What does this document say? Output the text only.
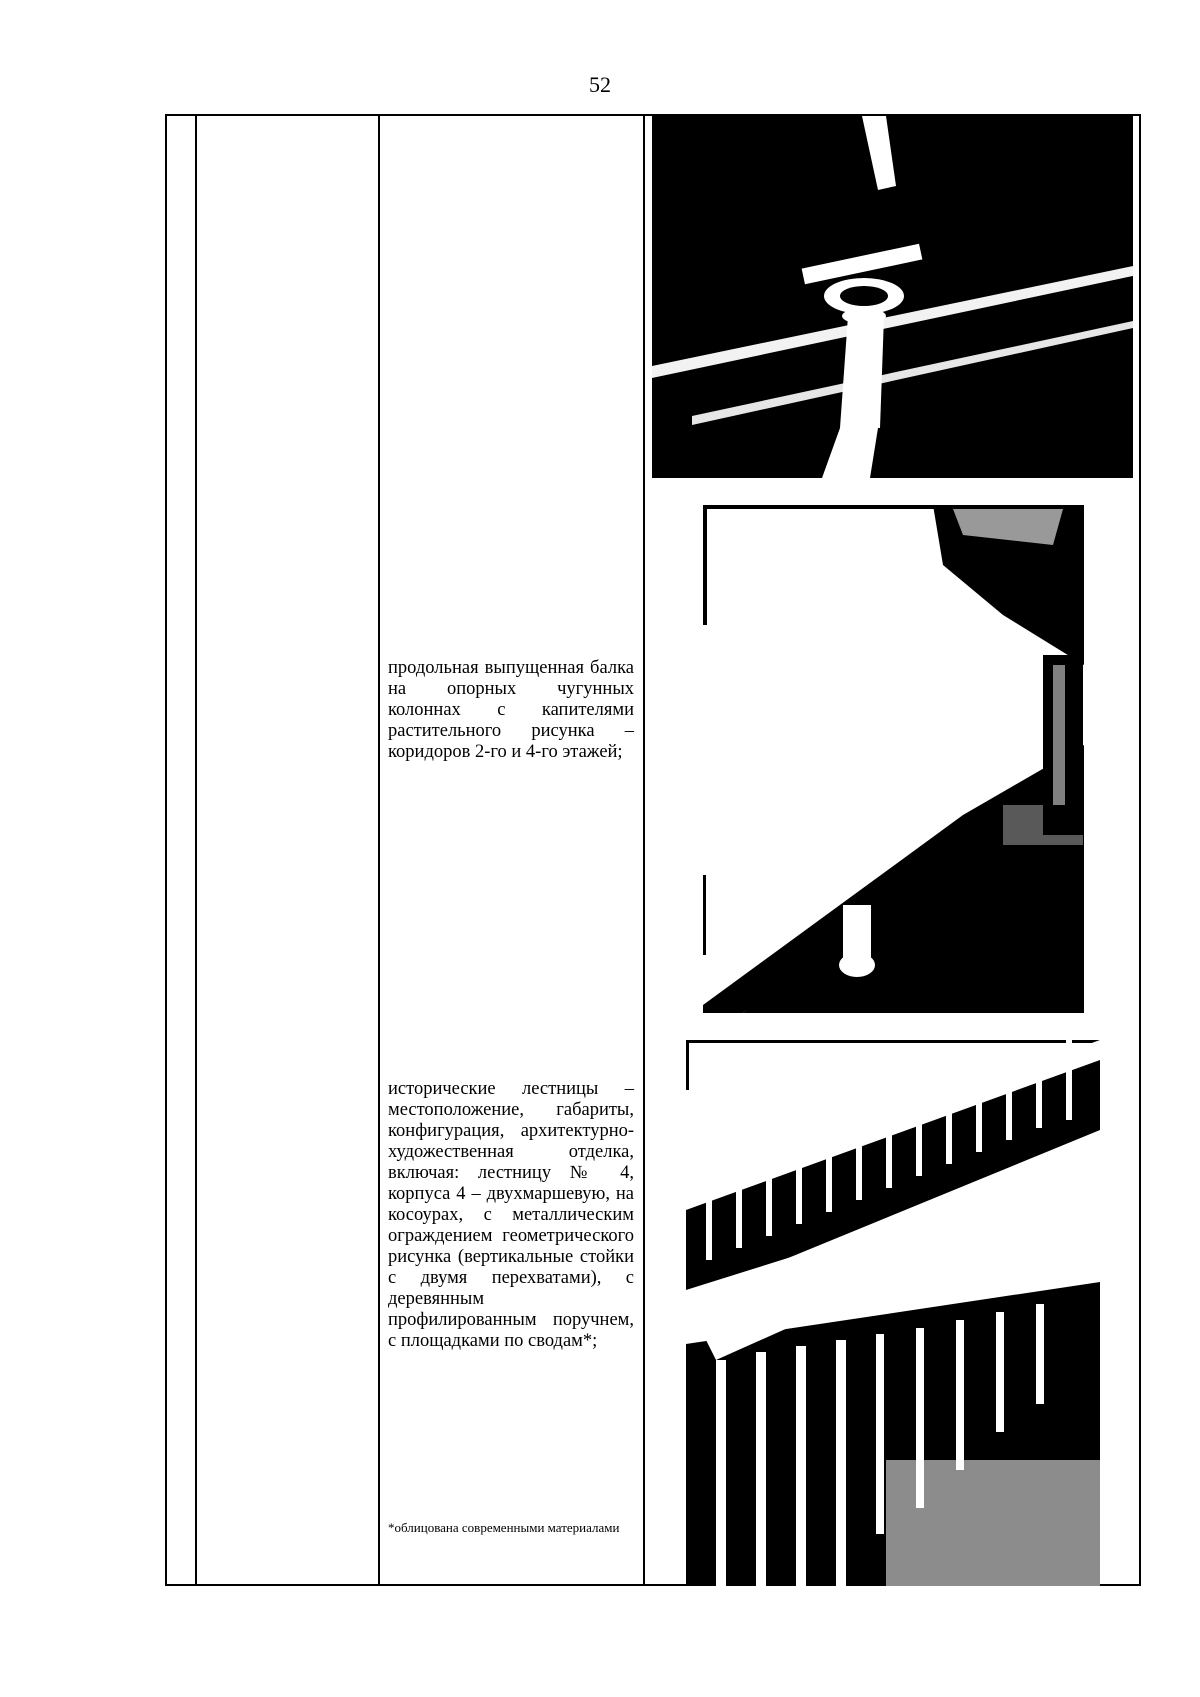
52
продольная выпущенная балка на опорных чугунных колоннах с капителями растительного рисунка – коридоров 2-го и 4-го этажей;
исторические лестницы – местоположение, габариты, конфигурация, архитектурно-художественная отделка, включая: лестницу № 4, корпуса 4 – двухмаршевую, на косоурах, с металлическим ограждением геометрического рисунка (вертикальные стойки с двумя перехватами), с деревянным профилированным поручнем, с площадками по сводам*;
*облицована современными материалами
